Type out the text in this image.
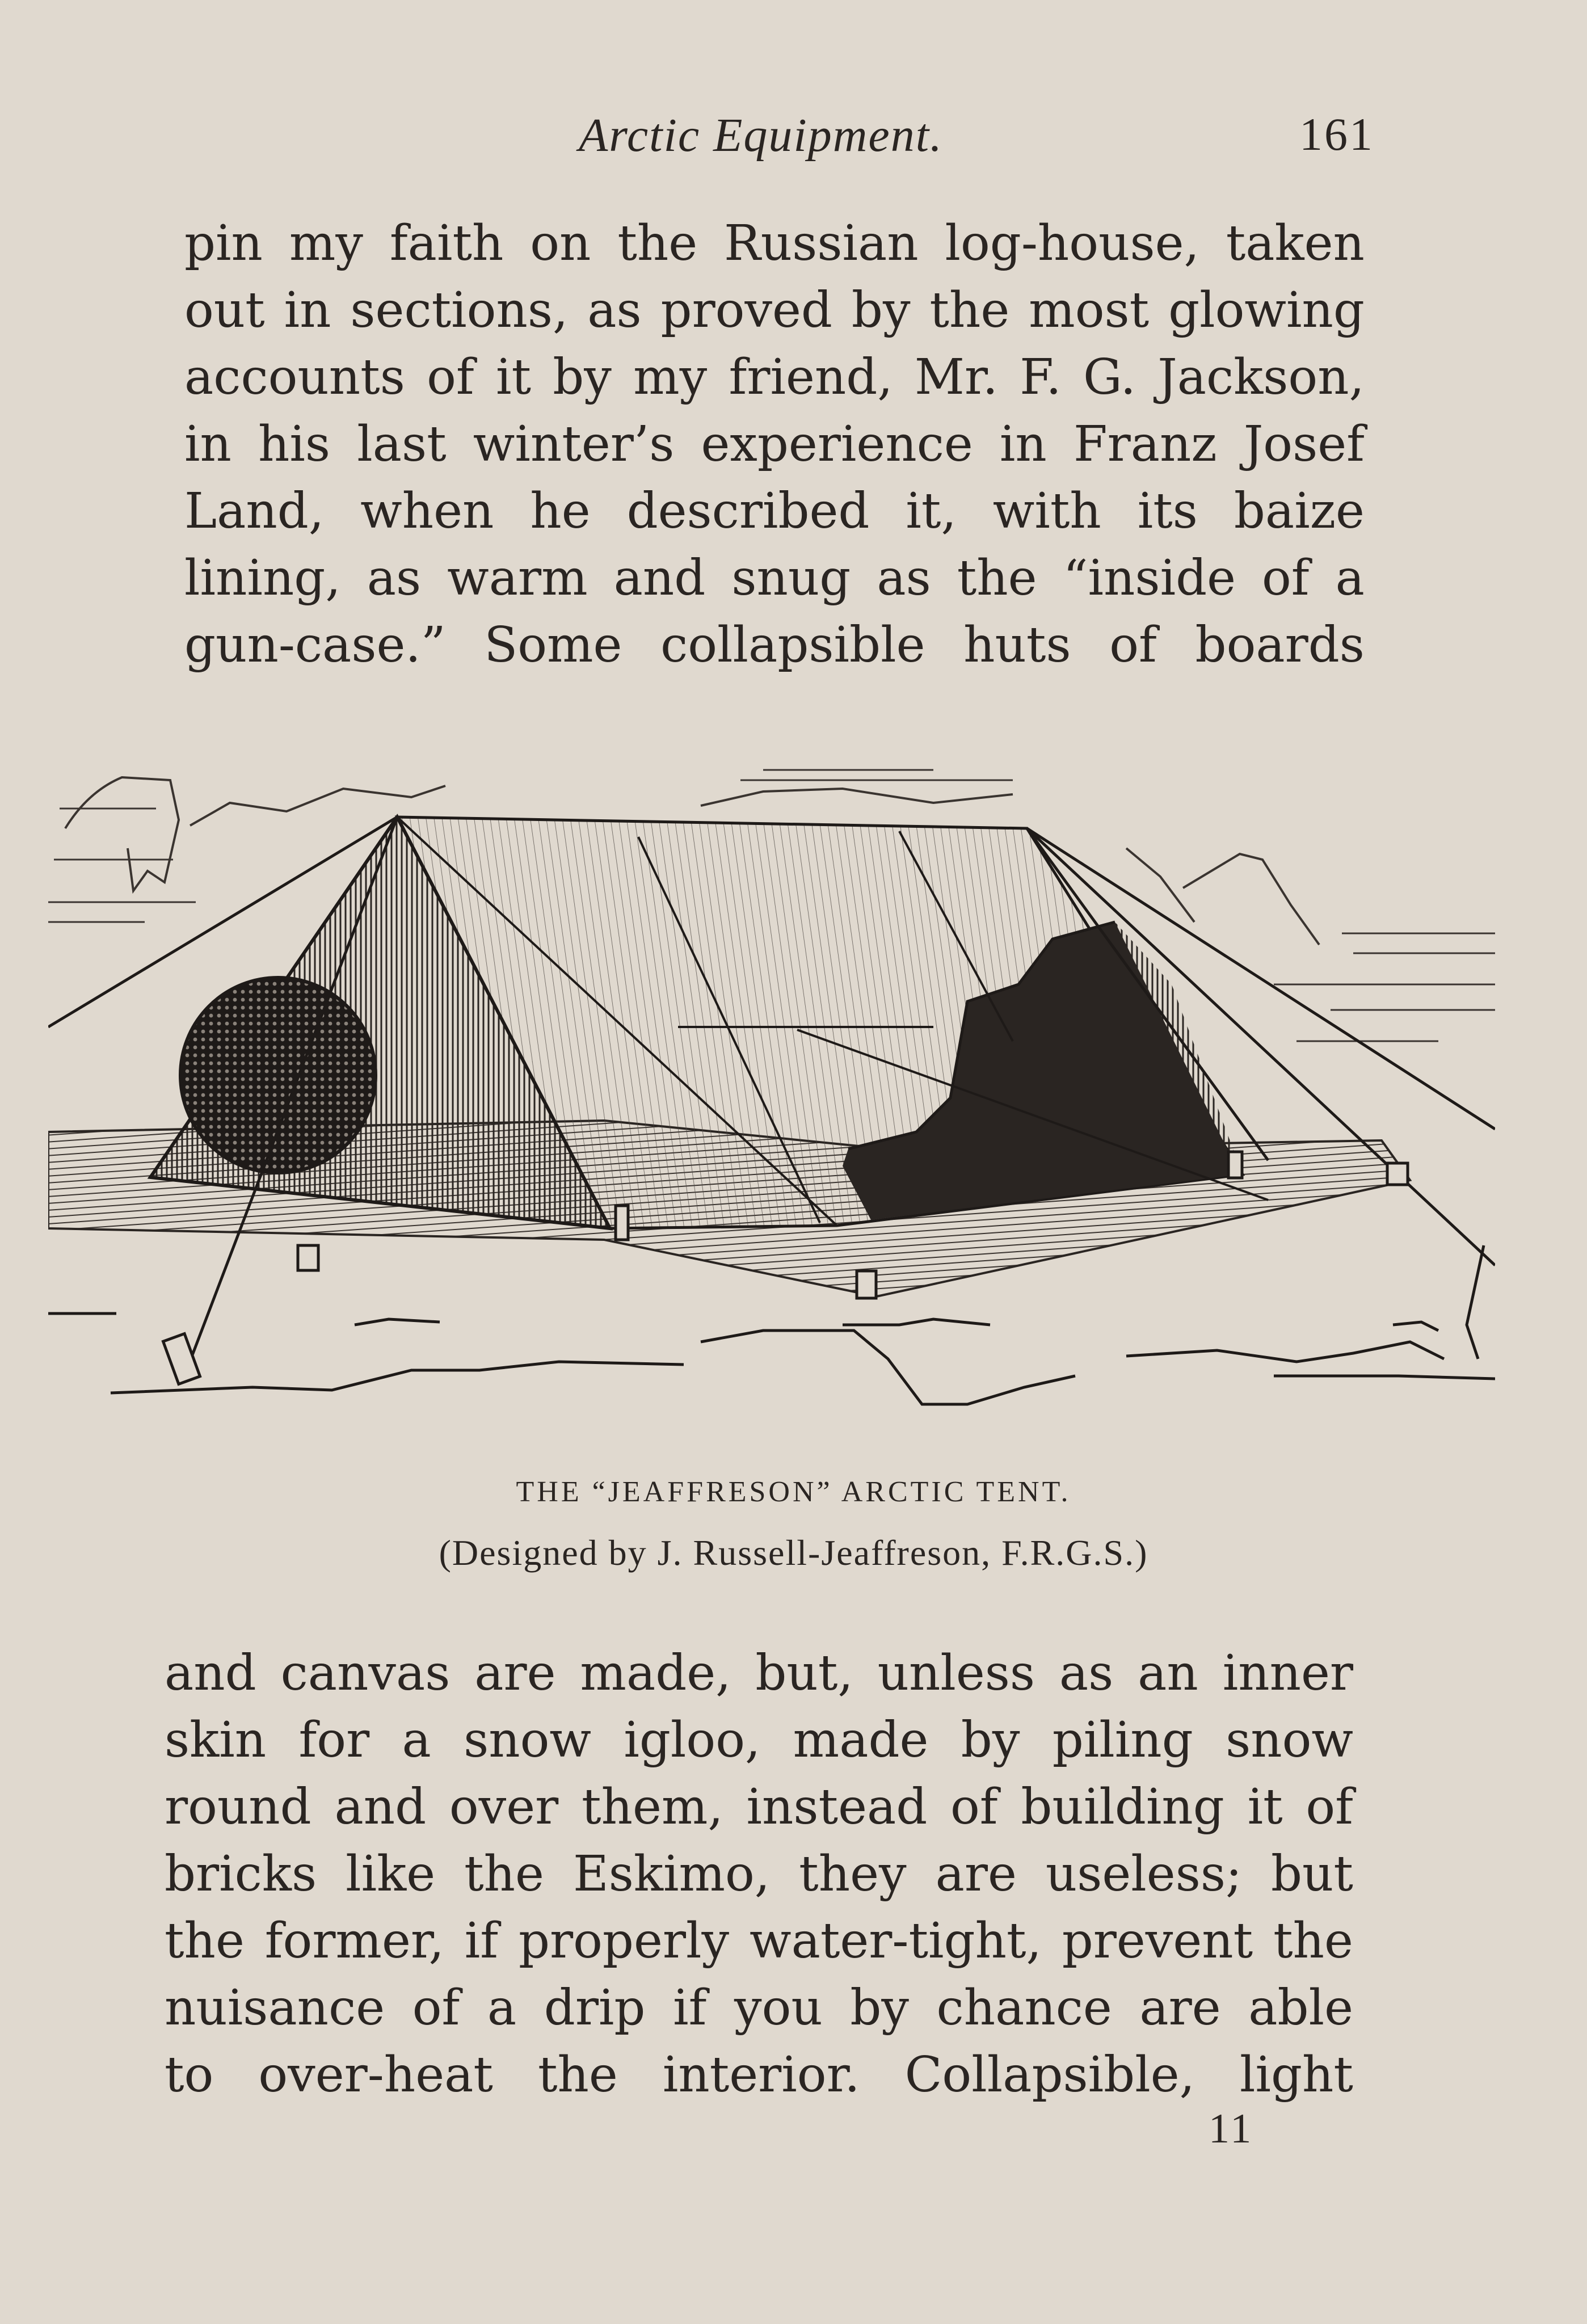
Arctic Equipment.	161
pin my faith on the Russian log-house, taken
out in sections, as proved by the most glowing
accounts of it by my friend, Mr. F. G. Jackson,
in his last winter’s experience in Franz Josef
Land, when he described it, with its baize
lining, as warm and snug as the “inside of a
gun-case.” Some collapsible huts of boards
THE “JEAFFRESON” ARCTIC TENT.
(Designed by J. Russell-Jeaffreson, F.R.G.S.)
and canvas are made, but, unless as an inner
skin for a snow igloo, made by piling snow
round and over them, instead of building it of
bricks like the Eskimo, they are useless; but
the former, if properly water-tight, prevent the
nuisance of a drip if you by chance are able
to over-heat the interior. Collapsible, light
11
